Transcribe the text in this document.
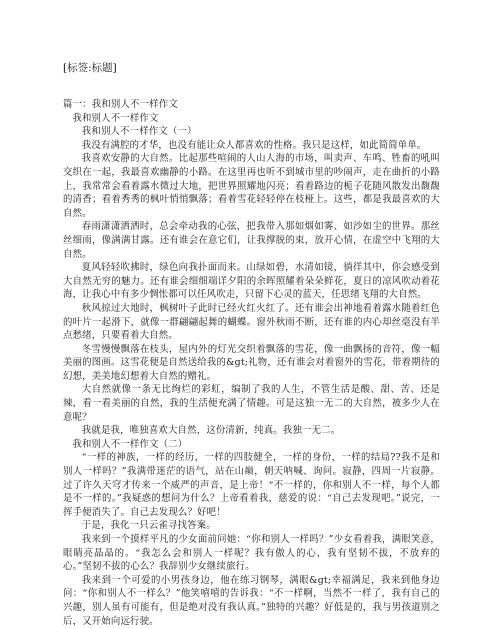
[标签:标题]

篇一：我和别人不一样作文

我和别人不一样作文

我和别人不一样作文（一）

我没有满腔的才华，也没有能让众人都喜欢的性格。我只是这样，如此简简单单。

我喜欢安静的大自然。比起那些喧闹的人山人海的市场，叫卖声、车鸣、牲畜的吼叫交织在一起，我最喜欢幽静的小路。在这里再也听不到城市里的吵闹声，走在曲折的小路上，我常常会看着露水微过大地，把世界照耀地闪亮；看着路边的栀子花随风散发出馥馥的清香；看着秀秀的枫叶悄悄飘落；看着雪花轻轻停在枝桠上。这些，都是我最喜欢的大自然。

春雨潇潇洒洒时，总会牵动我的心弦，把我带入那如烟如雾、如沙如尘的世界。那丝丝细雨，像满满甘露。还有谁会在意它们，让我撑脱的束，放开心情，在虚空中飞翔的大自然。

夏风轻轻吹拂时，绿色向我扑面而来。山绿如碧，水清如镜，徜徉其中，你会感受到大自然无穷的魅力。还有谁会细细端详夕阳的余晖照耀着朵朵鲜花，夏日的凉风吹动着花海，让我心中有多少惆怅都可以任风吹走，只留下心灵的蓝天，任思绪飞翔的大自然。

秋风掠过大地时，枫树叶子此时已经火红火红了。还有谁会出神地看着露水随着红色的叶片一起滑下，就像一群翩翩起舞的蝴蝶。窗外秋雨不断，还有谁的内心却丝毫没有半点愁绪，只要看着大自然。

冬雪慢慢飘落在枝头，屋内外的灯光交织着飘落的雪花，像一曲飘扬的音符，像一幅美丽的图画。这雪花便是自然送给我的&gt;礼物，还有谁会对着窗外的雪花，带着期待的幻想，美美地幻想着大自然的赠礼。

大自然就像一条无比绚烂的彩虹，编制了我的人生，不管生活是酸、甜、苦、还是辣，看一看美丽的自然，我的生活便充满了情趣。可是这独一无二的大自然，被多少人在意呢？

我就是我，唯独喜欢大自然，这份清新，纯真。我独一无二。

我和别人不一样作文（二）

“一样的神族，一样的经历，一样的四肢健全，一样的身份，一样的结局??我不是和别人一样吗？”我满带迷茫的语气，站在山巅，朝天呐喊、询问。寂静，四周一片寂静。过了许久天穹才传来一个威严的声音，是上帝！“不一样的，你和别人不一样，每个人都是不一样的。”我疑惑的想问为什么？上帝看着我，慈爱的说：“自己去发现吧。”说完，一挥手便消失了。自己去发现么？好吧！

于是，我化一只云雀寻找答案。

我来到一个摸样平凡的少女面前问她：“你和别人一样吗？”少女看着我，满眼笑意，眼睛亮晶晶的。“我怎么会和别人一样呢？我有傲人的心，我有坚韧不拔，不放弃的心。”坚韧不拔的心么？我辞别少女继续旅行。

我来到一个可爱的小男孩身边，他在练习钢琴，满眼&gt;幸福满足，我来到他身边问：“你和别人不一样么？”他笑嘻嘻的告诉我：“不一样啊，当然不一样了，我有自己的兴趣，别人虽有可能有，但是绝对没有我认真。”独特的兴趣？好低是的，我与男孩道别之后，又开始向远行驶。
